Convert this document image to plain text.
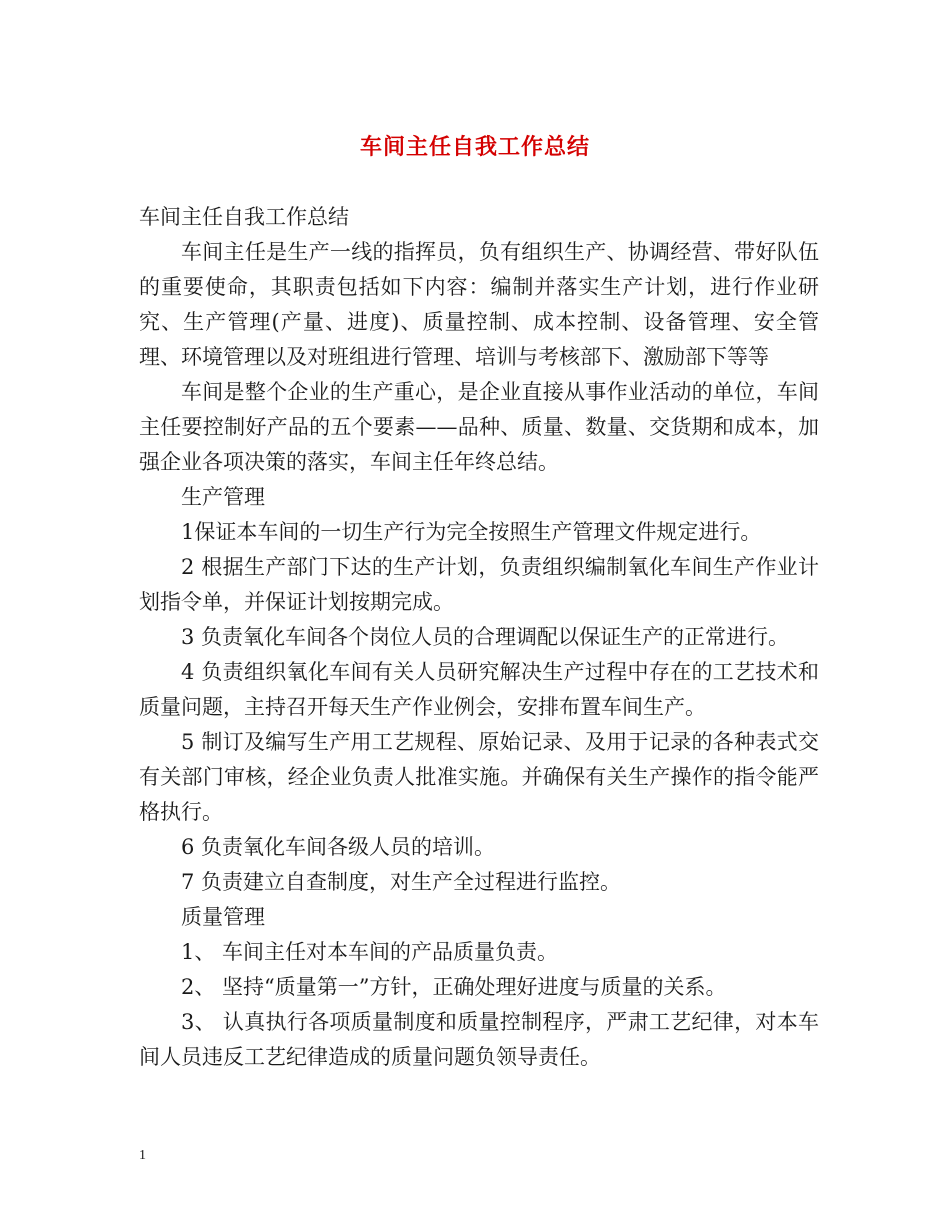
车间主任自我工作总结

车间主任自我工作总结

车间主任是生产一线的指挥员，负有组织生产、协调经营、带好队伍的重要使命，其职责包括如下内容：编制并落实生产计划，进行作业研究、生产管理(产量、进度)、质量控制、成本控制、设备管理、安全管理、环境管理以及对班组进行管理、培训与考核部下、激励部下等等

车间是整个企业的生产重心，是企业直接从事作业活动的单位，车间主任要控制好产品的五个要素——品种、质量、数量、交货期和成本，加强企业各项决策的落实，车间主任年终总结。

生产管理

1保证本车间的一切生产行为完全按照生产管理文件规定进行。

2 根据生产部门下达的生产计划，负责组织编制氧化车间生产作业计划指令单，并保证计划按期完成。

3 负责氧化车间各个岗位人员的合理调配以保证生产的正常进行。

4 负责组织氧化车间有关人员研究解决生产过程中存在的工艺技术和质量问题，主持召开每天生产作业例会，安排布置车间生产。

5 制订及编写生产用工艺规程、原始记录、及用于记录的各种表式交有关部门审核，经企业负责人批准实施。并确保有关生产操作的指令能严格执行。

6 负责氧化车间各级人员的培训。

7 负责建立自查制度，对生产全过程进行监控。

质量管理

1、 车间主任对本车间的产品质量负责。

2、 坚持“质量第一”方针，正确处理好进度与质量的关系。

3、 认真执行各项质量制度和质量控制程序，严肃工艺纪律，对本车间人员违反工艺纪律造成的质量问题负领导责任。

1
